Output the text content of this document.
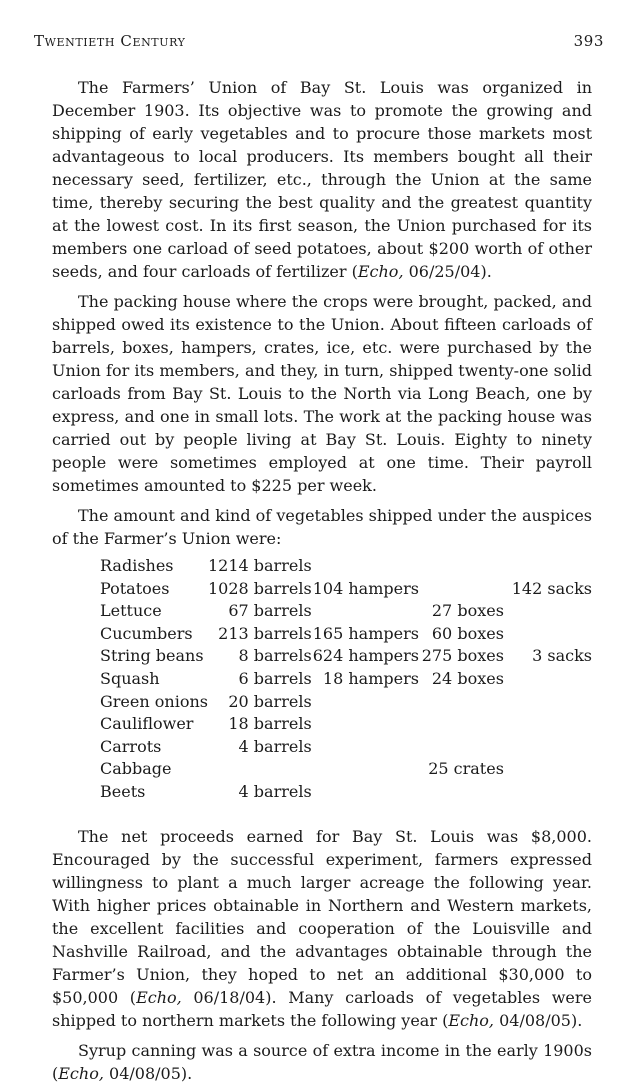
Twentieth Century	393

The Farmers’ Union of Bay St. Louis was organized in December 1903. Its objective was to promote the growing and shipping of early vegetables and to procure those markets most advantageous to local producers. Its members bought all their necessary seed, fertilizer, etc., through the Union at the same time, thereby securing the best quality and the greatest quantity at the lowest cost. In its first season, the Union purchased for its members one carload of seed potatoes, about $200 worth of other seeds, and four carloads of fertilizer (Echo, 06/25/04).

The packing house where the crops were brought, packed, and shipped owed its existence to the Union. About fifteen carloads of barrels, boxes, hampers, crates, ice, etc. were purchased by the Union for its members, and they, in turn, shipped twenty-one solid carloads from Bay St. Louis to the North via Long Beach, one by express, and one in small lots. The work at the packing house was carried out by people living at Bay St. Louis. Eighty to ninety people were sometimes employed at one time. Their payroll sometimes amounted to $225 per week.

The amount and kind of vegetables shipped under the auspices of the Farmer’s Union were:

Radishes	1214 barrels			
Potatoes	1028 barrels	104 hampers		142 sacks
Lettuce	67 barrels		27 boxes	
Cucumbers	213 barrels	165 hampers	60 boxes	
String beans	8 barrels	624 hampers	275 boxes	3 sacks
Squash	6 barrels	18 hampers	24 boxes	
Green onions	20 barrels			
Cauliflower	18 barrels			
Carrots	4 barrels			
Cabbage			25 crates	
Beets	4 barrels			

The net proceeds earned for Bay St. Louis was $8,000. Encouraged by the successful experiment, farmers expressed willingness to plant a much larger acreage the following year. With higher prices obtainable in Northern and Western markets, the excellent facilities and cooperation of the Louisville and Nashville Railroad, and the advantages obtainable through the Farmer’s Union, they hoped to net an additional $30,000 to $50,000 (Echo, 06/18/04). Many carloads of vegetables were shipped to northern markets the following year (Echo, 04/08/05).

Syrup canning was a source of extra income in the early 1900s (Echo, 04/08/05).
